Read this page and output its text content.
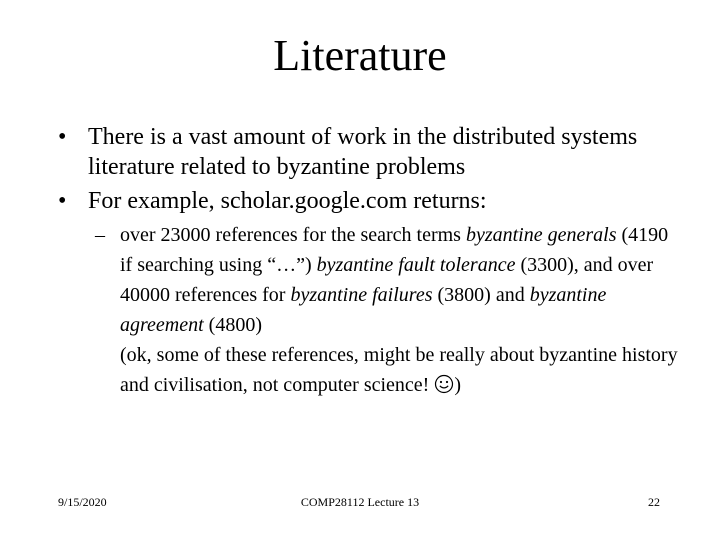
Literature
• There is a vast amount of work in the distributed systems literature related to byzantine problems
• For example, scholar.google.com returns:
– over 23000 references for the search terms byzantine generals (4190 if searching using “…”) byzantine fault tolerance (3300), and over 40000 references for byzantine failures (3800) and byzantine agreement (4800)
(ok, some of these references, might be really about byzantine history and civilisation, not computer science! )
9/15/2020	COMP28112 Lecture 13	22
